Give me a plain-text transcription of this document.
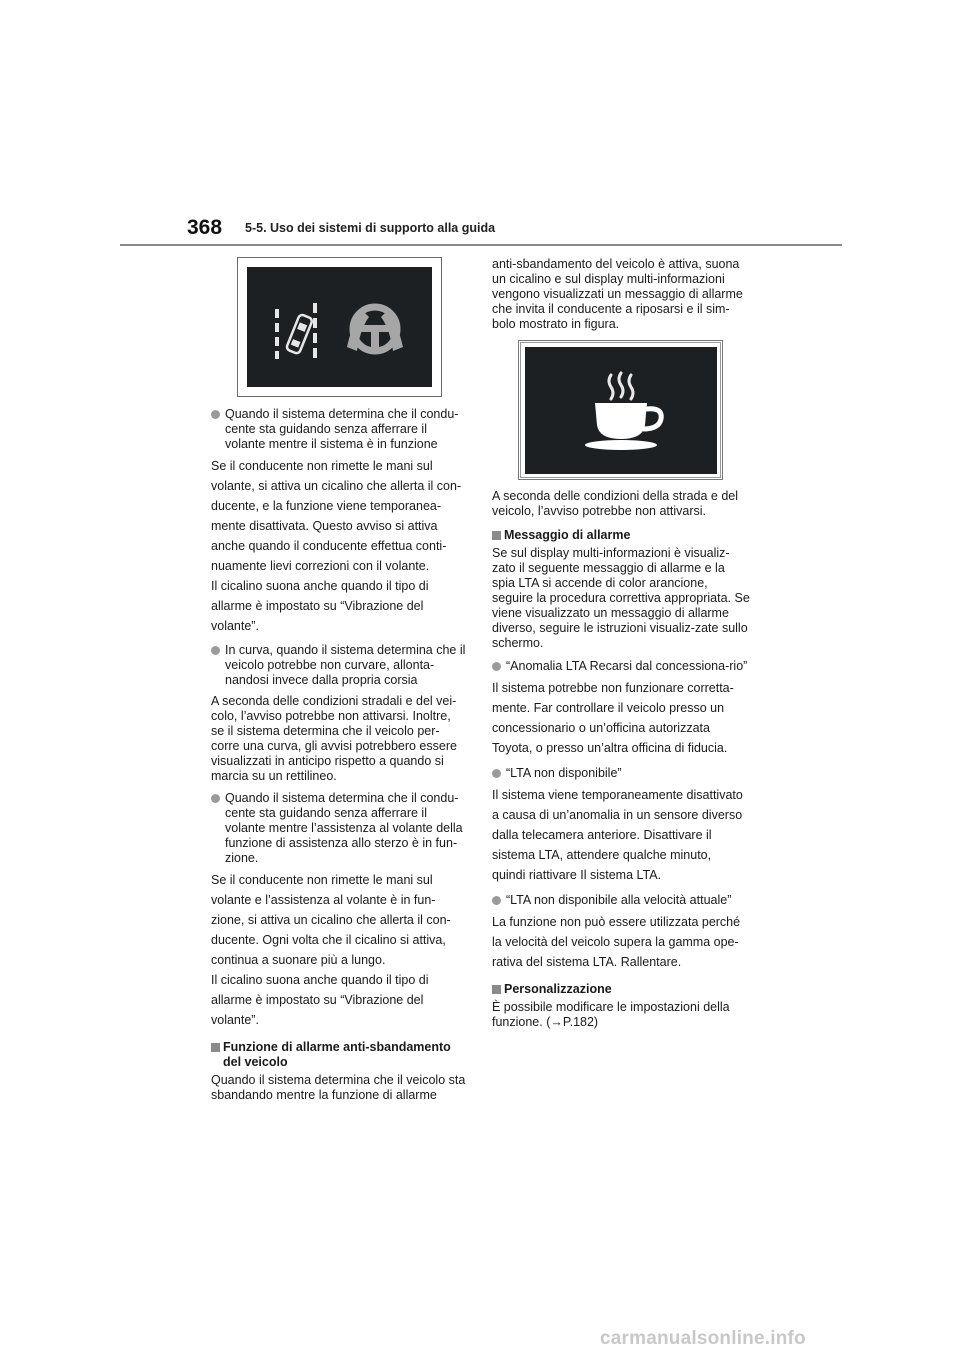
368 5-5. Uso dei sistemi di supporto alla guida
Quando il sistema determina che il condu-cente sta guidando senza afferrare il volante mentre il sistema è in funzione

Se il conducente non rimette le mani sul

volante, si attiva un cicalino che allerta il con-

ducente, e la funzione viene temporanea-

mente disattivata. Questo avviso si attiva

anche quando il conducente effettua conti-

nuamente lievi correzioni con il volante.

Il cicalino suona anche quando il tipo di

allarme è impostato su “Vibrazione del

volante”.

In curva, quando il sistema determina che il veicolo potrebbe non curvare, allonta-nandosi invece dalla propria corsia

A seconda delle condizioni stradali e del vei-colo, l’avviso potrebbe non attivarsi. Inoltre, se il sistema determina che il veicolo per-corre una curva, gli avvisi potrebbero essere visualizzati in anticipo rispetto a quando si marcia su un rettilineo.

Quando il sistema determina che il condu-cente sta guidando senza afferrare il volante mentre l’assistenza al volante della funzione di assistenza allo sterzo è in fun-zione.

Se il conducente non rimette le mani sul

volante e l’assistenza al volante è in fun-

zione, si attiva un cicalino che allerta il con-

ducente. Ogni volta che il cicalino si attiva,

continua a suonare più a lungo.

Il cicalino suona anche quando il tipo di

allarme è impostato su “Vibrazione del

volante”.

Funzione di allarme anti-sbandamento del veicolo

Quando il sistema determina che il veicolo sta sbandando mentre la funzione di allarme

anti-sbandamento del veicolo è attiva, suona un cicalino e sul display multi-informazioni vengono visualizzati un messaggio di allarme che invita il conducente a riposarsi e il sim-bolo mostrato in figura.

A seconda delle condizioni della strada e del veicolo, l’avviso potrebbe non attivarsi.

Messaggio di allarme

Se sul display multi-informazioni è visualiz-zato il seguente messaggio di allarme e la spia LTA si accende di color arancione, seguire la procedura correttiva appropriata. Se viene visualizzato un messaggio di allarme diverso, seguire le istruzioni visualiz-zate sullo schermo.

“Anomalia LTA Recarsi dal concessiona-rio”

Il sistema potrebbe non funzionare corretta-

mente. Far controllare il veicolo presso un

concessionario o un’officina autorizzata

Toyota, o presso un’altra officina di fiducia.

“LTA non disponibile”

Il sistema viene temporaneamente disattivato

a causa di un’anomalia in un sensore diverso

dalla telecamera anteriore. Disattivare il

sistema LTA, attendere qualche minuto,

quindi riattivare Il sistema LTA.

“LTA non disponibile alla velocità attuale”

La funzione non può essere utilizzata perché

la velocità del veicolo supera la gamma ope-

rativa del sistema LTA. Rallentare.

Personalizzazione

È possibile modificare le impostazioni della funzione. (→P.182)

carmanualsonline.info
